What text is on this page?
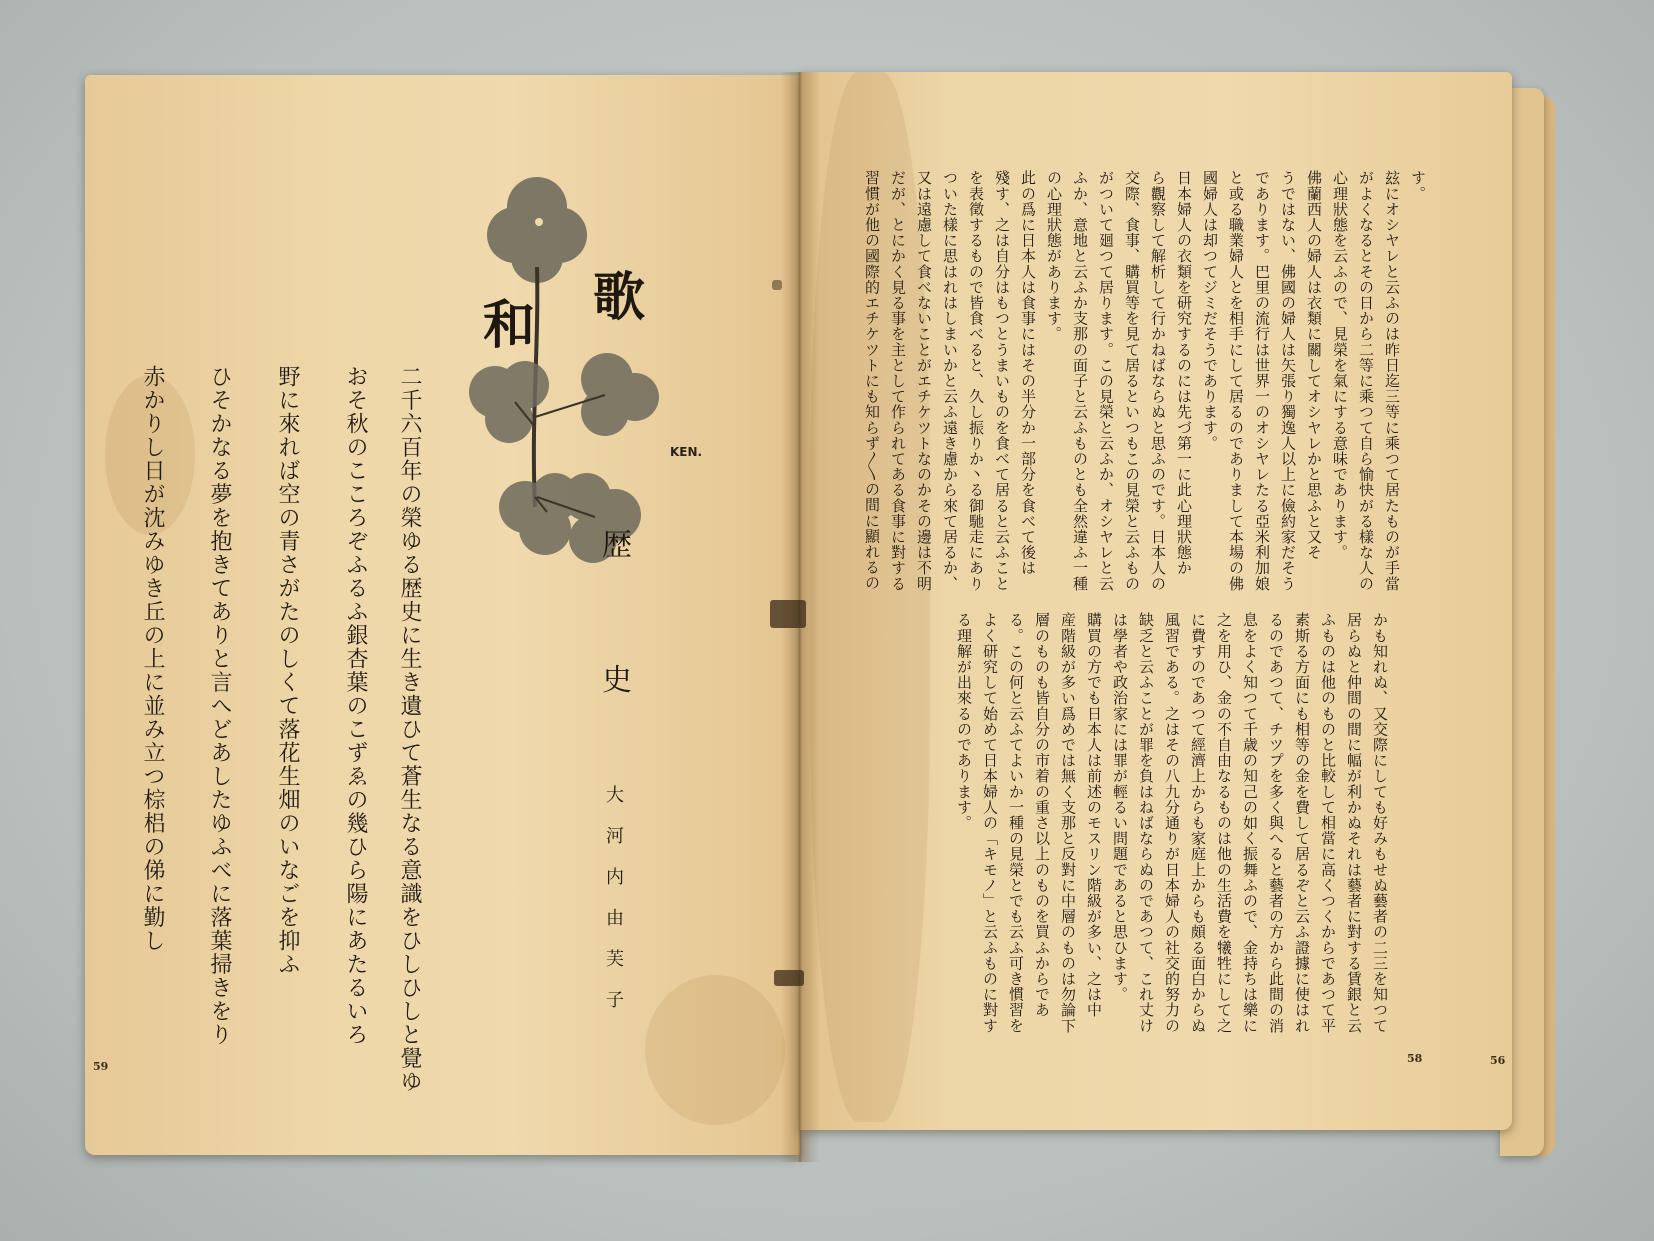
和 歌
KEN.
歴
史
大河内由芙子
二千六百年の榮ゆる歴史に生き遺ひて蒼生なる意識をひしひしと覺ゆ
おそ秋のこころぞふるふ銀杏葉のこずゑの幾ひら陽にあたるいろ
野に來れば空の青さがたのしくて落花生畑のいなごを抑ふ
ひそかなる夢を抱きてありと言へどあしたゆふべに落葉掃きをり
赤かりし日が沈みゆき丘の上に並み立つ棕梠の俤に勤し
59
す。
玆にオシヤレと云ふのは昨日迄三等に乘つて居たものが手當
がよくなるとその日から二等に乘つて自ら愉快がる樣な人の
心理狀態を云ふので、見榮を氣にする意味であります。
佛蘭西人の婦人は衣類に關してオシヤレかと思ふと又そ
うではない、佛國の婦人は矢張り獨逸人以上に儉約家だそう
であります。巴里の流行は世界一のオシヤレたる亞米利加娘
と或る職業婦人とを相手にして居るのでありまして本場の佛
國婦人は却つてジミだそうであります。
日本婦人の衣類を研究するのには先づ第一に此心理狀態か
ら觀察して解析して行かねばならぬと思ふのです。日本人の
交際、食事、購買等を見て居るといつもこの見榮と云ふもの
がついて廻つて居ります。この見榮と云ふか、オシヤレと云
ふか、意地と云ふか支那の面子と云ふものとも全然違ふ一種
の心理狀態があります。
此の爲に日本人は食事にはその半分か一部分を食べて後は
殘す、之は自分はもつとうまいものを食べて居ると云ふこと
を表徵するもので皆食べると、久し振りか丶る御馳走にあり
ついた樣に思はれはしまいかと云ふ遠き慮から來て居るか、
又は遠慮して食べないことがエチケツトなのかその邊は不明
だが、とにかく見る事を主として作られてある食事に對する
習慣が他の國際的エチケツトにも知らず〳〵の間に顯れるの
かも知れぬ、又交際にしても好みもせぬ藝者の二三を知つて
居らぬと仲間の間に幅が利かぬそれは藝者に對する賃銀と云
ふものは他のものと比較して相當に高くつくからであつて平
素斯る方面にも相等の金を費して居るぞと云ふ證據に使はれ
るのであつて、チツプを多く與へると藝者の方から此間の消
息をよく知つて千歳の知己の如く振舞ふので、金持ちは樂に
之を用ひ、金の不自由なるものは他の生活費を犧牲にして之
に費すのであつて經濟上からも家庭上からも頗る面白からぬ
風習である。之はその八九分通りが日本婦人の社交的努力の
缺乏と云ふことが罪を負はねばならぬのであつて、これ丈け
は學者や政治家には罪が輕るい問題であると思ひます。
購買の方でも日本人は前述のモスリン階級が多い、之は中
産階級が多い爲めでは無く支那と反對に中層のものは勿論下
層のものも皆自分の市着の重さ以上のものを買ふからであ
る。この何と云ふてよいか一種の見榮とでも云ふ可き慣習を
よく研究して始めて日本婦人の「キモノ」と云ふものに對す
る理解が出來るのであります。
58	56
